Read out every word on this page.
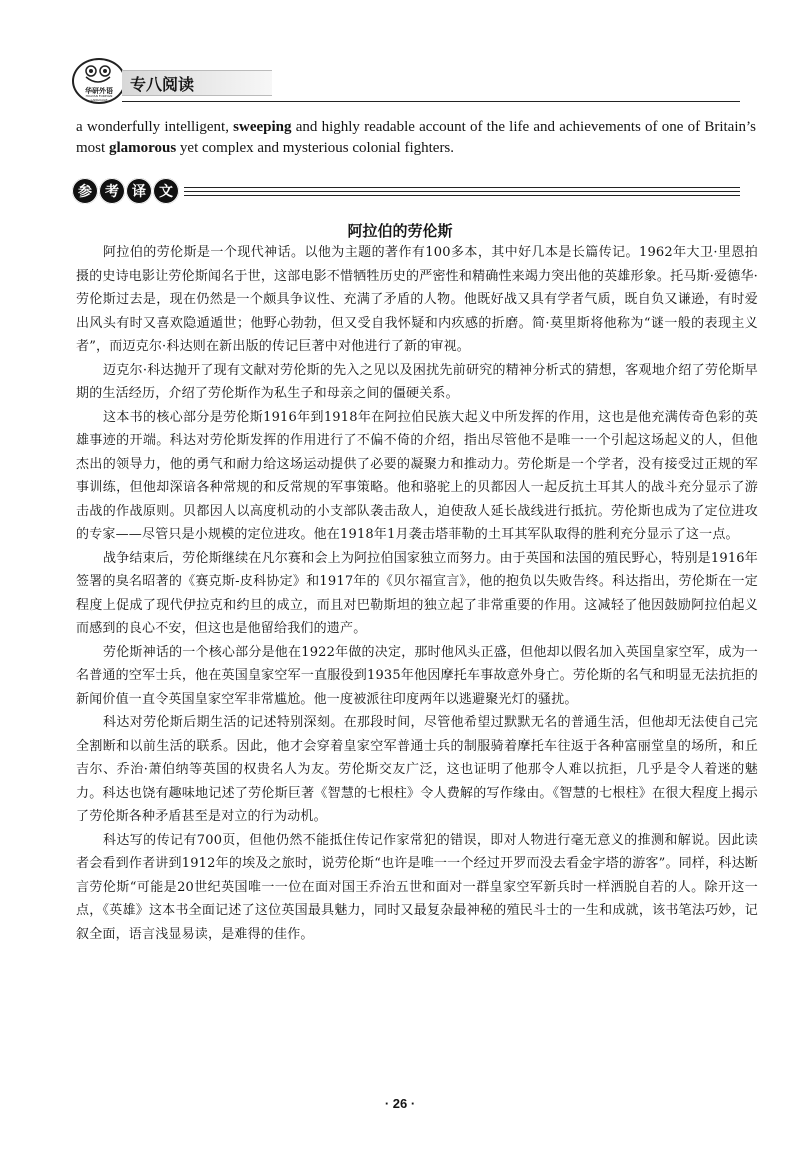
华研外语
HUAYAN FOREIGN LANGUAGE
专八阅读
a wonderfully intelligent, sweeping and highly readable account of the life and achievements of one of Britain’s most glamorous yet complex and mysterious colonial fighters.
参 考 译 文
阿拉伯的劳伦斯

阿拉伯的劳伦斯是一个现代神话。以他为主题的著作有100多本，其中好几本是长篇传记。1962年大卫·里恩拍摄的史诗电影让劳伦斯闻名于世，这部电影不惜牺牲历史的严密性和精确性来竭力突出他的英雄形象。托马斯·爱德华·劳伦斯过去是，现在仍然是一个颇具争议性、充满了矛盾的人物。他既好战又具有学者气质，既自负又谦逊，有时爱出风头有时又喜欢隐遁遁世；他野心勃勃，但又受自我怀疑和内疚感的折磨。简·莫里斯将他称为“谜一般的表现主义者”，而迈克尔·科达则在新出版的传记巨著中对他进行了新的审视。

迈克尔·科达抛开了现有文献对劳伦斯的先入之见以及困扰先前研究的精神分析式的猜想，客观地介绍了劳伦斯早期的生活经历，介绍了劳伦斯作为私生子和母亲之间的僵硬关系。

这本书的核心部分是劳伦斯1916年到1918年在阿拉伯民族大起义中所发挥的作用，这也是他充满传奇色彩的英雄事迹的开端。科达对劳伦斯发挥的作用进行了不偏不倚的介绍，指出尽管他不是唯一一个引起这场起义的人，但他杰出的领导力，他的勇气和耐力给这场运动提供了必要的凝聚力和推动力。劳伦斯是一个学者，没有接受过正规的军事训练，但他却深谙各种常规的和反常规的军事策略。他和骆驼上的贝都因人一起反抗土耳其人的战斗充分显示了游击战的作战原则。贝都因人以高度机动的小支部队袭击敌人，迫使敌人延长战线进行抵抗。劳伦斯也成为了定位进攻的专家——尽管只是小规模的定位进攻。他在1918年1月袭击塔菲勒的土耳其军队取得的胜利充分显示了这一点。

战争结束后，劳伦斯继续在凡尔赛和会上为阿拉伯国家独立而努力。由于英国和法国的殖民野心，特别是1916年签署的臭名昭著的《赛克斯-皮科协定》和1917年的《贝尔福宣言》，他的抱负以失败告终。科达指出，劳伦斯在一定程度上促成了现代伊拉克和约旦的成立，而且对巴勒斯坦的独立起了非常重要的作用。这减轻了他因鼓励阿拉伯起义而感到的良心不安，但这也是他留给我们的遗产。

劳伦斯神话的一个核心部分是他在1922年做的决定，那时他风头正盛，但他却以假名加入英国皇家空军，成为一名普通的空军士兵，他在英国皇家空军一直服役到1935年他因摩托车事故意外身亡。劳伦斯的名气和明显无法抗拒的新闻价值一直令英国皇家空军非常尴尬。他一度被派往印度两年以逃避聚光灯的骚扰。

科达对劳伦斯后期生活的记述特别深刻。在那段时间，尽管他希望过默默无名的普通生活，但他却无法使自己完全割断和以前生活的联系。因此，他才会穿着皇家空军普通士兵的制服骑着摩托车往返于各种富丽堂皇的场所，和丘吉尔、乔治·萧伯纳等英国的权贵名人为友。劳伦斯交友广泛，这也证明了他那令人难以抗拒，几乎是令人着迷的魅力。科达也饶有趣味地记述了劳伦斯巨著《智慧的七根柱》令人费解的写作缘由。《智慧的七根柱》在很大程度上揭示了劳伦斯各种矛盾甚至是对立的行为动机。

科达写的传记有700页，但他仍然不能抵住传记作家常犯的错误，即对人物进行毫无意义的推测和解说。因此读者会看到作者讲到1912年的埃及之旅时，说劳伦斯“也许是唯一一个经过开罗而没去看金字塔的游客”。同样，科达断言劳伦斯“可能是20世纪英国唯一一位在面对国王乔治五世和面对一群皇家空军新兵时一样洒脱自若的人。除开这一点，《英雄》这本书全面记述了这位英国最具魅力，同时又最复杂最神秘的殖民斗士的一生和成就，该书笔法巧妙，记叙全面，语言浅显易读，是难得的佳作。

· 26 ·
